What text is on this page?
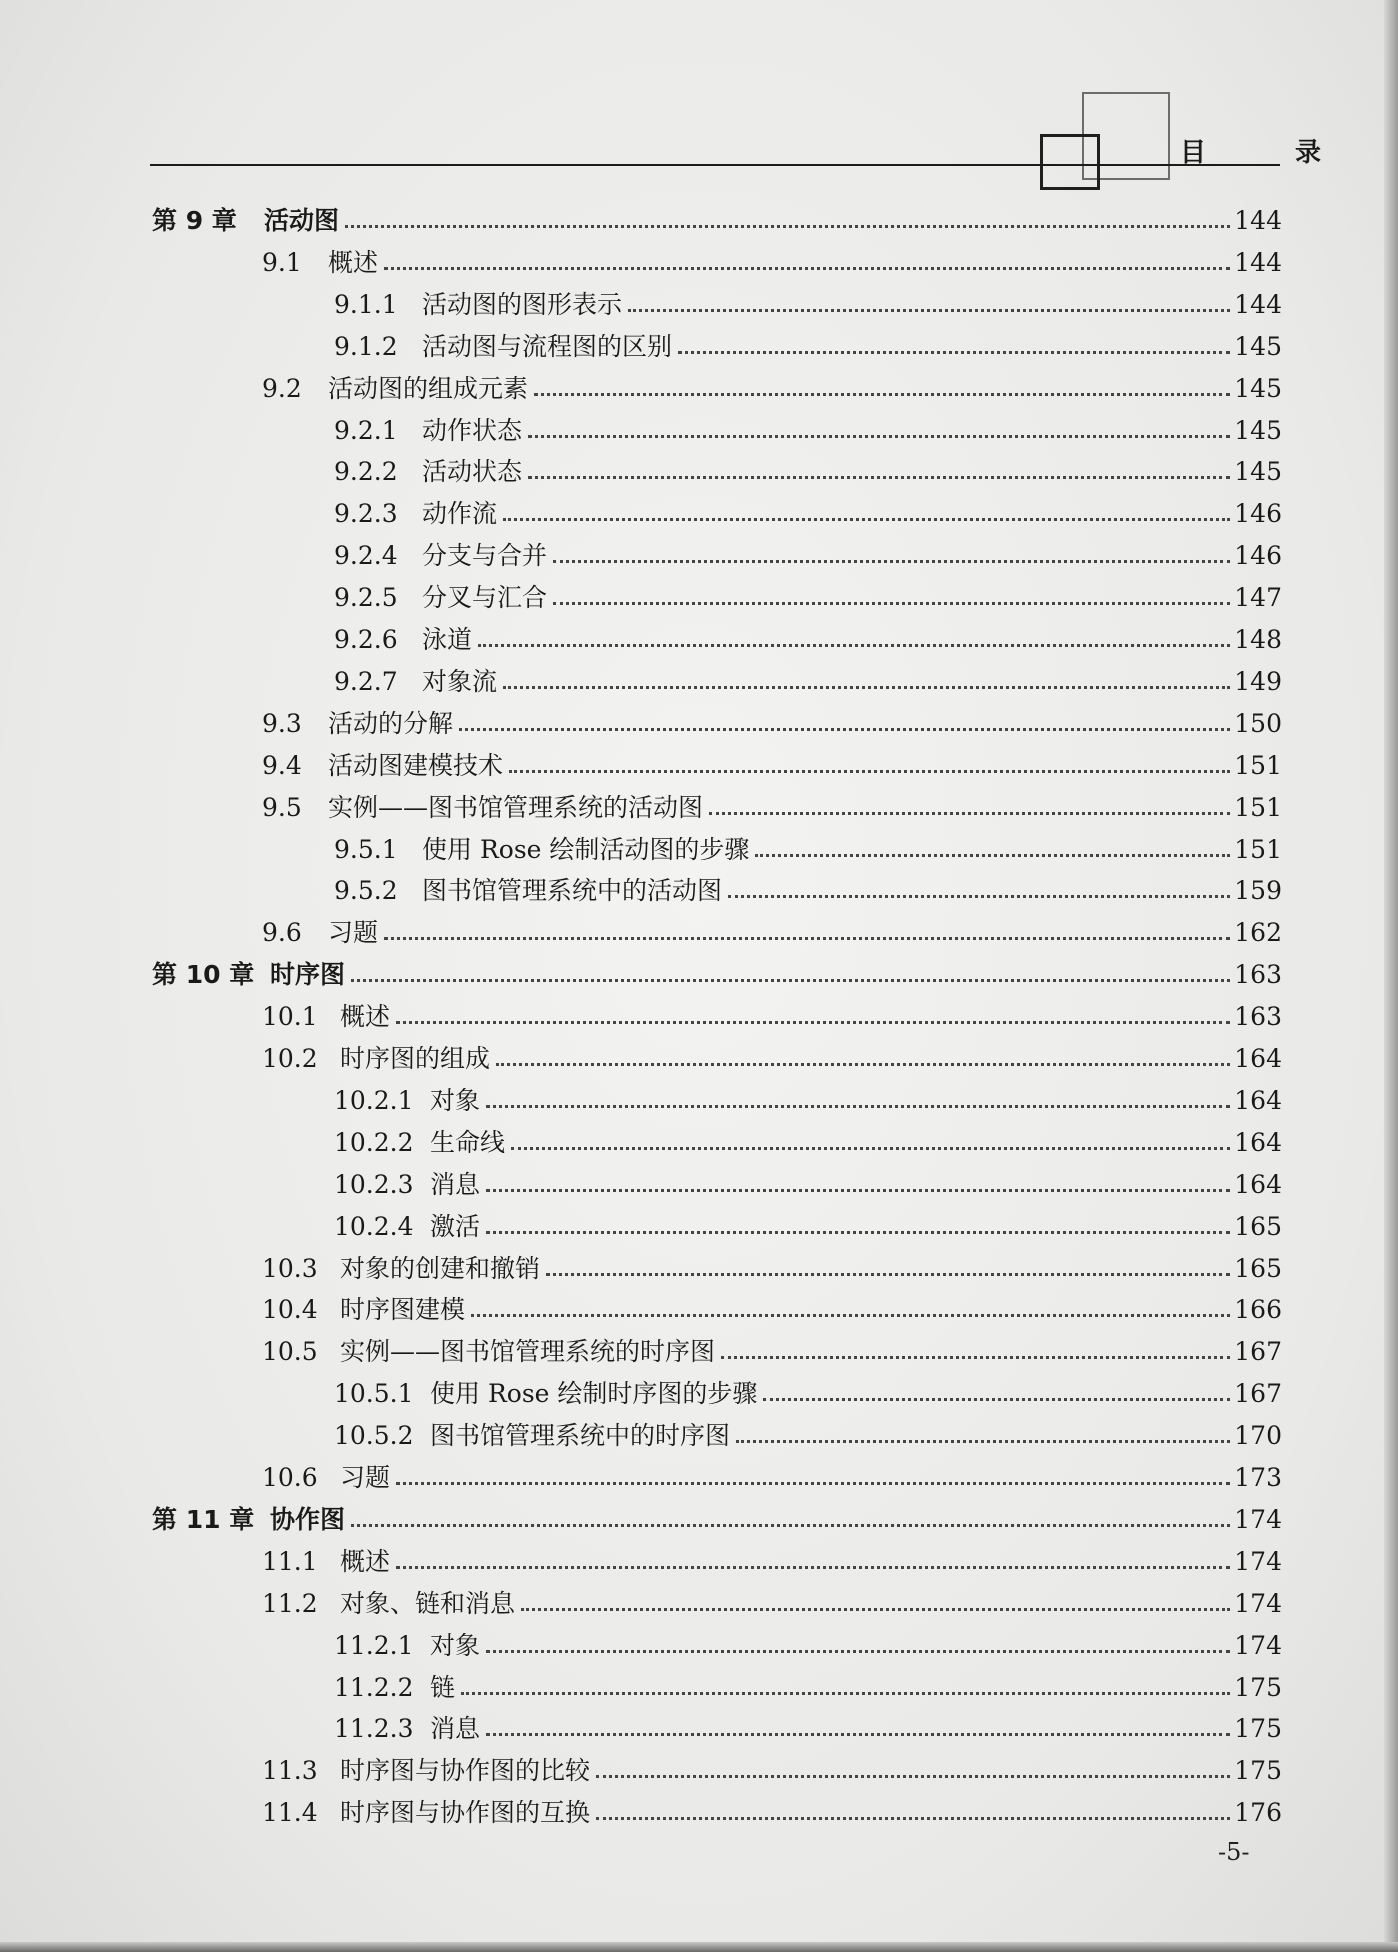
目 录
第 9 章	活动图	144
9.1	概述	144
9.1.1 活动图的图形表示	144
9.1.2 活动图与流程图的区别	145
9.2	活动图的组成元素	145
9.2.1 动作状态	145
9.2.2 活动状态	145
9.2.3 动作流	146
9.2.4 分支与合并	146
9.2.5 分叉与汇合	147
9.2.6 泳道	148
9.2.7 对象流	149
9.3	活动的分解	150
9.4	活动图建模技术	151
9.5	实例——图书馆管理系统的活动图	151
9.5.1 使用 Rose 绘制活动图的步骤	151
9.5.2 图书馆管理系统中的活动图	159
9.6	习题	162
第 10 章 时序图	163
10.1 概述	163
10.2 时序图的组成	164
10.2.1 对象	164
10.2.2 生命线	164
10.2.3 消息	164
10.2.4 激活	165
10.3 对象的创建和撤销	165
10.4 时序图建模	166
10.5 实例——图书馆管理系统的时序图	167
10.5.1 使用 Rose 绘制时序图的步骤	167
10.5.2 图书馆管理系统中的时序图	170
10.6 习题	173
第 11 章 协作图	174
11.1 概述	174
11.2 对象、链和消息	174
11.2.1 对象	174
11.2.2 链	175
11.2.3 消息	175
11.3 时序图与协作图的比较	175
11.4 时序图与协作图的互换	176
-5-
